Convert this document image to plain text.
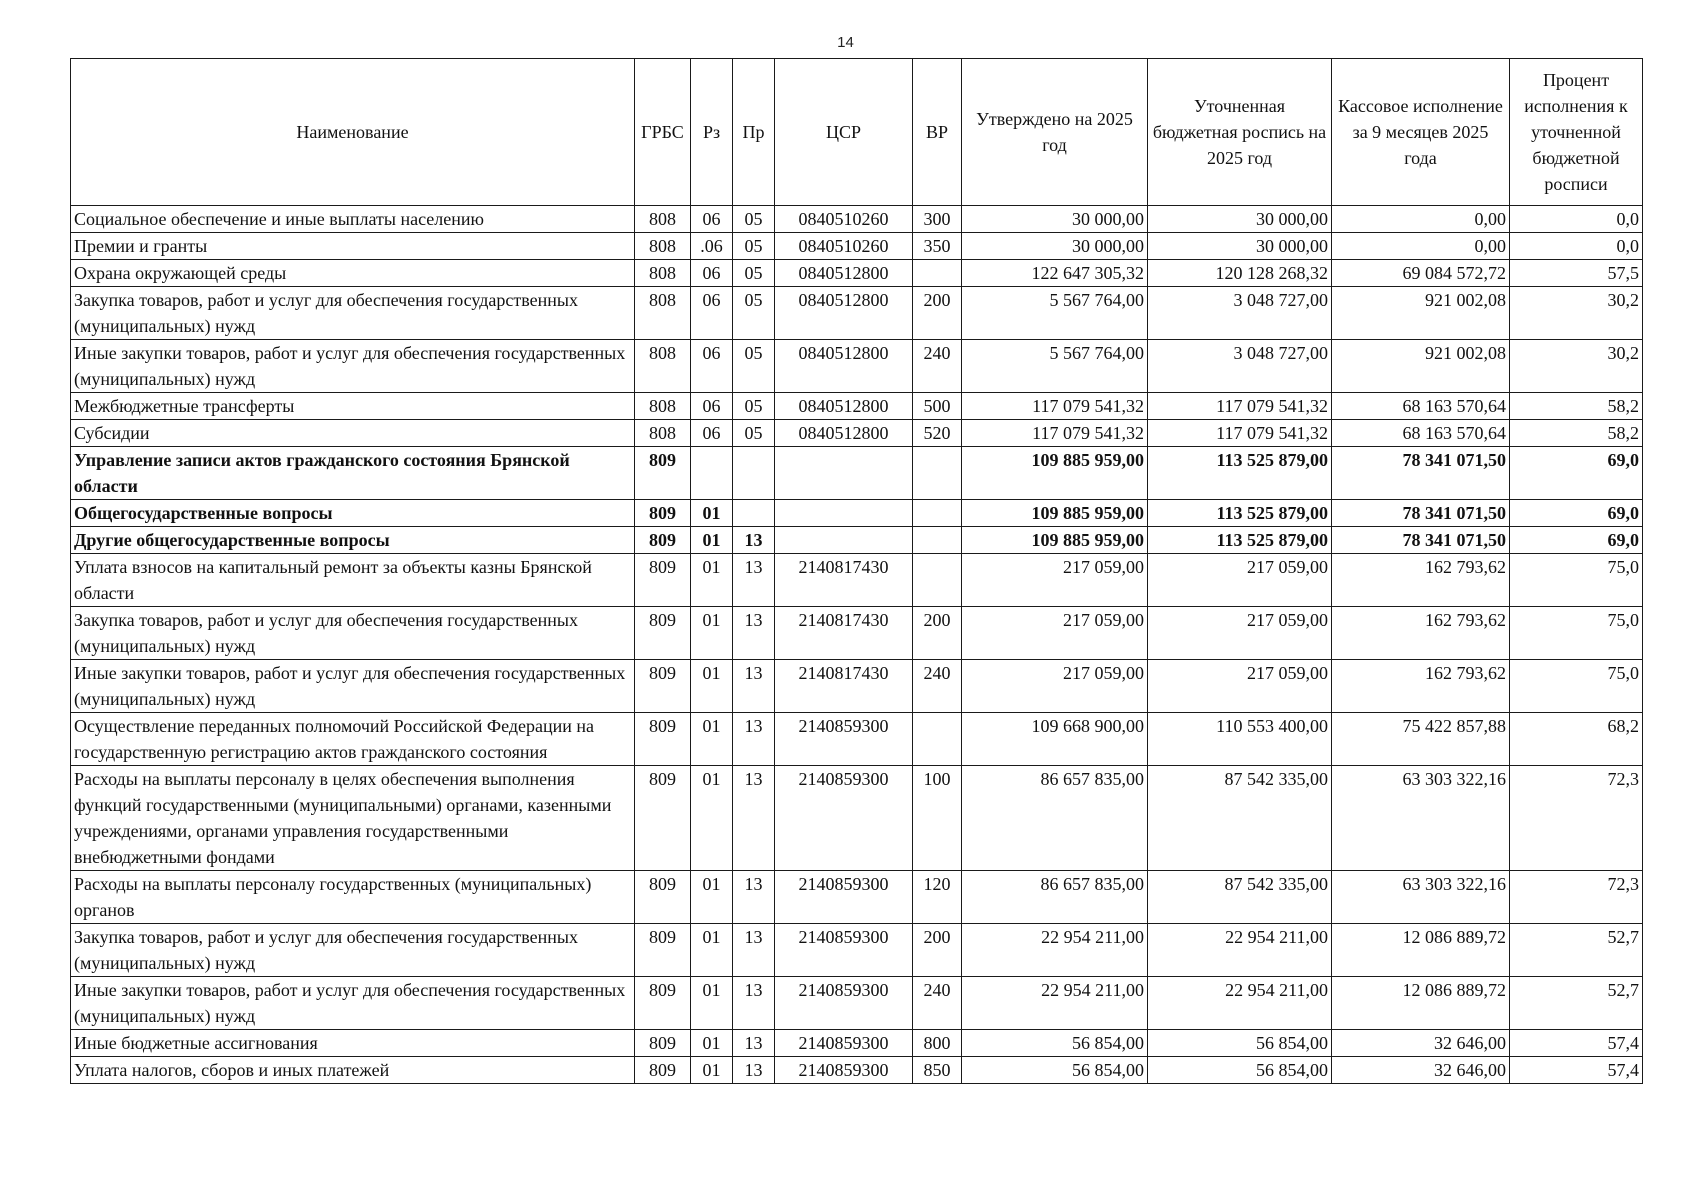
14
Наименование	ГРБС	Рз	Пр	ЦСР	ВР	Утверждено на 2025 год	Уточненная бюджетная роспись на 2025 год	Кассовое исполнение за 9 месяцев 2025 года	Процент исполнения к уточненной бюджетной росписи
Социальное обеспечение и иные выплаты населению	808	06	05	0840510260	300	30 000,00	30 000,00	0,00	0,0
Премии и гранты	808	.06	05	0840510260	350	30 000,00	30 000,00	0,00	0,0
Охрана окружающей среды	808	06	05	0840512800		122 647 305,32	120 128 268,32	69 084 572,72	57,5
Закупка товаров, работ и услуг для обеспечения государственных (муниципальных) нужд	808	06	05	0840512800	200	5 567 764,00	3 048 727,00	921 002,08	30,2
Иные закупки товаров, работ и услуг для обеспечения государственных (муниципальных) нужд	808	06	05	0840512800	240	5 567 764,00	3 048 727,00	921 002,08	30,2
Межбюджетные трансферты	808	06	05	0840512800	500	117 079 541,32	117 079 541,32	68 163 570,64	58,2
Субсидии	808	06	05	0840512800	520	117 079 541,32	117 079 541,32	68 163 570,64	58,2
Управление записи актов гражданского состояния Брянской области	809					109 885 959,00	113 525 879,00	78 341 071,50	69,0
Общегосударственные вопросы	809	01				109 885 959,00	113 525 879,00	78 341 071,50	69,0
Другие общегосударственные вопросы	809	01	13			109 885 959,00	113 525 879,00	78 341 071,50	69,0
Уплата взносов на капитальный ремонт за объекты казны Брянской области	809	01	13	2140817430		217 059,00	217 059,00	162 793,62	75,0
Закупка товаров, работ и услуг для обеспечения государственных (муниципальных) нужд	809	01	13	2140817430	200	217 059,00	217 059,00	162 793,62	75,0
Иные закупки товаров, работ и услуг для обеспечения государственных (муниципальных) нужд	809	01	13	2140817430	240	217 059,00	217 059,00	162 793,62	75,0
Осуществление переданных полномочий Российской Федерации на государственную регистрацию актов гражданского состояния	809	01	13	2140859300		109 668 900,00	110 553 400,00	75 422 857,88	68,2
Расходы на выплаты персоналу в целях обеспечения выполнения функций государственными (муниципальными) органами, казенными учреждениями, органами управления государственными внебюджетными фондами	809	01	13	2140859300	100	86 657 835,00	87 542 335,00	63 303 322,16	72,3
Расходы на выплаты персоналу государственных (муниципальных) органов	809	01	13	2140859300	120	86 657 835,00	87 542 335,00	63 303 322,16	72,3
Закупка товаров, работ и услуг для обеспечения государственных (муниципальных) нужд	809	01	13	2140859300	200	22 954 211,00	22 954 211,00	12 086 889,72	52,7
Иные закупки товаров, работ и услуг для обеспечения государственных (муниципальных) нужд	809	01	13	2140859300	240	22 954 211,00	22 954 211,00	12 086 889,72	52,7
Иные бюджетные ассигнования	809	01	13	2140859300	800	56 854,00	56 854,00	32 646,00	57,4
Уплата налогов, сборов и иных платежей	809	01	13	2140859300	850	56 854,00	56 854,00	32 646,00	57,4
